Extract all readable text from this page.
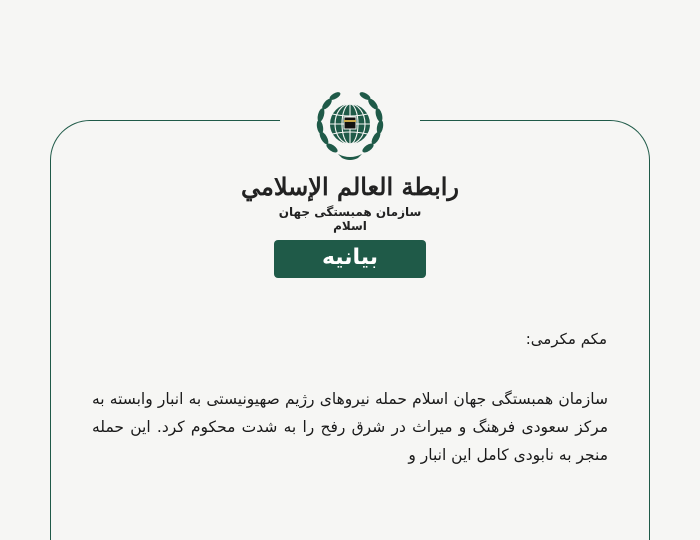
رابطة العالم الإسلامي
سازمان همبستگی جهان اسلام
بیانیه
مکم مکرمی:
سازمان همبستگی جهان اسلام حمله نیروهای رژیم صهیونیستی به انبار وابسته به مرکز سعودی فرهنگ و میراث در شرق رفح را به شدت محکوم کرد. این حمله منجر به نابودی کامل این انبار و
